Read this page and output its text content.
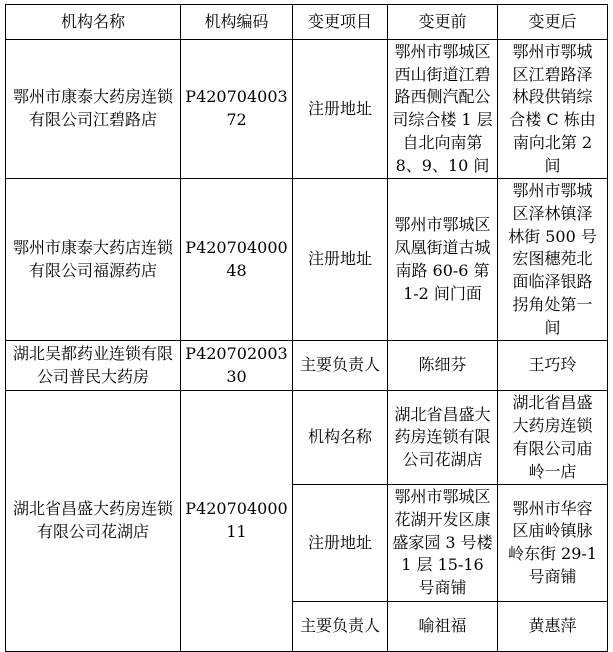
机构名称	机构编码	变更项目	变更前	变更后
鄂州市康泰大药房连锁有限公司江碧路店	P42070400372	注册地址	鄂州市鄂城区西山街道江碧路西侧汽配公司综合楼 1 层自北向南第 8、9、10 间	鄂州市鄂城区江碧路泽林段供销综合楼 C 栋由南向北第 2 间
鄂州市康泰大药店连锁有限公司福源药店	P42070400048	注册地址	鄂州市鄂城区凤凰街道古城南路 60-6 第 1-2 间门面	鄂州市鄂城区泽林镇泽林街 500 号宏图穗苑北面临泽银路拐角处第一间
湖北吴都药业连锁有限公司普民大药房	P42070200330	主要负责人	陈细芬	王巧玲
湖北省昌盛大药房连锁有限公司花湖店	P42070400011	机构名称	湖北省昌盛大药房连锁有限公司花湖店	湖北省昌盛大药房连锁有限公司庙岭一店
		注册地址	鄂州市鄂城区花湖开发区康盛家园 3 号楼 1 层 15-16 号商铺	鄂州市华容区庙岭镇脉岭东街 29-1 号商铺
		主要负责人	喻祖福	黄惠萍
